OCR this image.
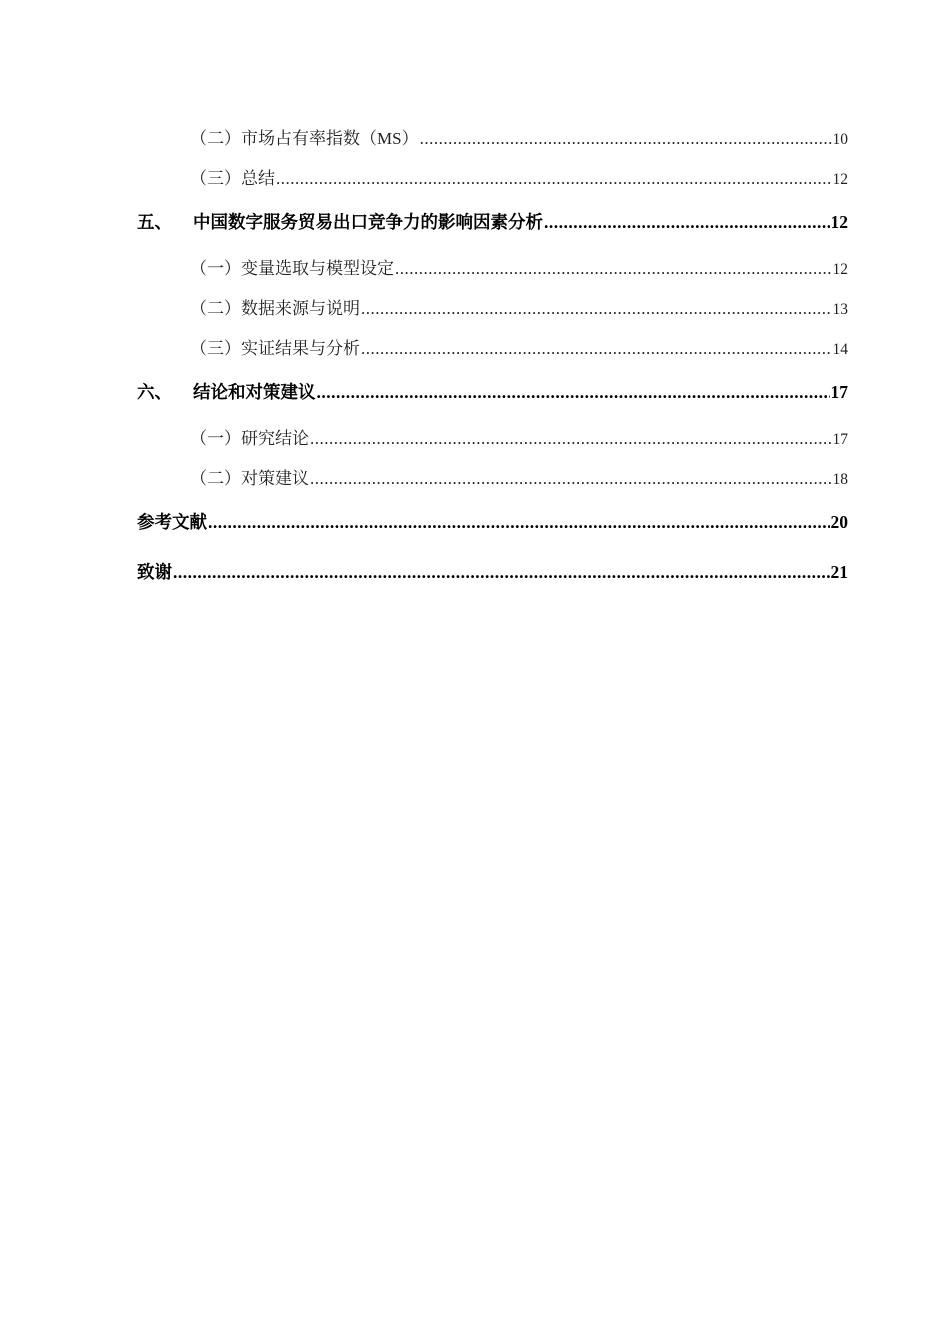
（二）市场占有率指数（MS） .....	10
（三）总结 .....	12
五、	中国数字服务贸易出口竞争力的影响因素分析 .....	12
（一）变量选取与模型设定 .....	12
（二）数据来源与说明 .....	13
（三）实证结果与分析 .....	14
六、	结论和对策建议 .....	17
（一）研究结论 .....	17
（二）对策建议 .....	18
参考文献 .....	20
致谢 .....	21
